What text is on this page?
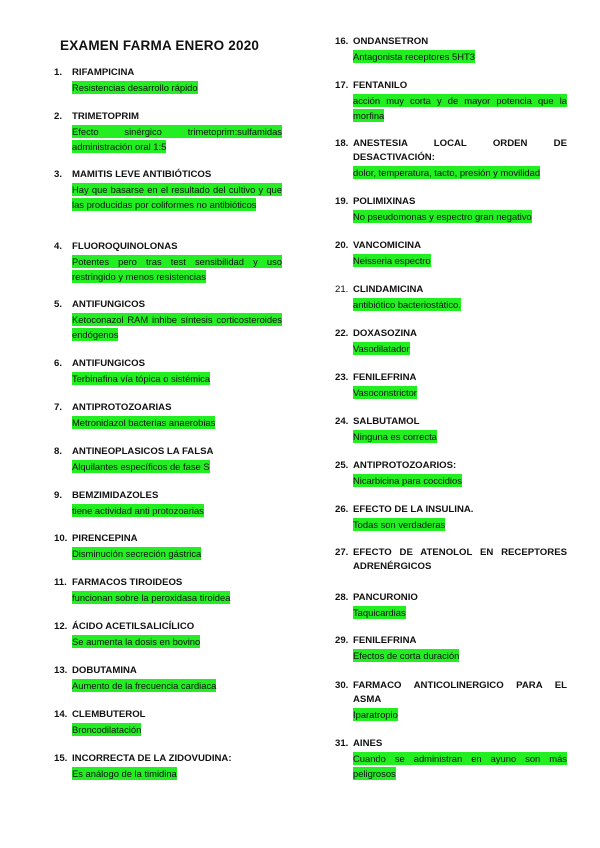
EXAMEN FARMA ENERO 2020
1.	RIFAMPICINA
Resistencias desarrollo rápido
2.	TRIMETOPRIM
Efecto sinérgico trimetoprim:sulfamidas administración oral 1:5
3.	MAMITIS LEVE ANTIBIÓTICOS
Hay que basarse en el resultado del cultivo y que las producidas por coliformes no antibióticos
4.	FLUOROQUINOLONAS
Potentes pero tras test sensibilidad y uso restringido y menos resistencias
5.	ANTIFUNGICOS
Ketoconazol RAM inhibe síntesis corticosteroides endógenos
6.	ANTIFUNGICOS
Terbinafina vía tópica o sistémica
7.	ANTIPROTOZOARIAS
Metronidazol bacterias anaerobias
8.	ANTINEOPLASICOS LA FALSA
Alquilantes específicos de fase S
9.	BEMZIMIDAZOLES
tiene actividad anti protozoarias
10. PIRENCEPINA
Disminución secreción gástrica
11. FARMACOS TIROIDEOS
funcionan sobre la peroxidasa tiroidea
12. ÁCIDO ACETILSALICÍLICO
Se aumenta la dosis en bovino
13. DOBUTAMINA
Aumento de la frecuencia cardiaca
14. CLEMBUTEROL
Broncodilatación
15. INCORRECTA DE LA ZIDOVUDINA:
Es análogo de la timidina
16. ONDANSETRON
Antagonista receptores 5HT3
17. FENTANILO
acción muy corta y de mayor potencia que la morfina
18. ANESTESIA LOCAL ORDEN DE DESACTIVACIÓN:
dolor, temperatura, tacto, presión y movilidad
19. POLIMIXINAS
No pseudomonas y espectro gran negativo
20. VANCOMICINA
Neisseria espectro
21. CLINDAMICINA
antibiótico bacteriostático.
22. DOXASOZINA
Vasodilatador
23. FENILEFRINA
Vasoconstrictor
24. SALBUTAMOL
Ninguna es correcta
25. ANTIPROTOZOARIOS:
Nicarbicina para coccidios
26. EFECTO DE LA INSULINA.
Todas son verdaderas
27. EFECTO DE ATENOLOL EN RECEPTORES ADRENÉRGICOS
28. PANCURONIO
Taquicardias
29. FENILEFRINA
Efectos de corta duración
30. FARMACO ANTICOLINERGICO PARA EL ASMA
Iparatropio
31. AINES
Cuando se administran en ayuno son más peligrosos
